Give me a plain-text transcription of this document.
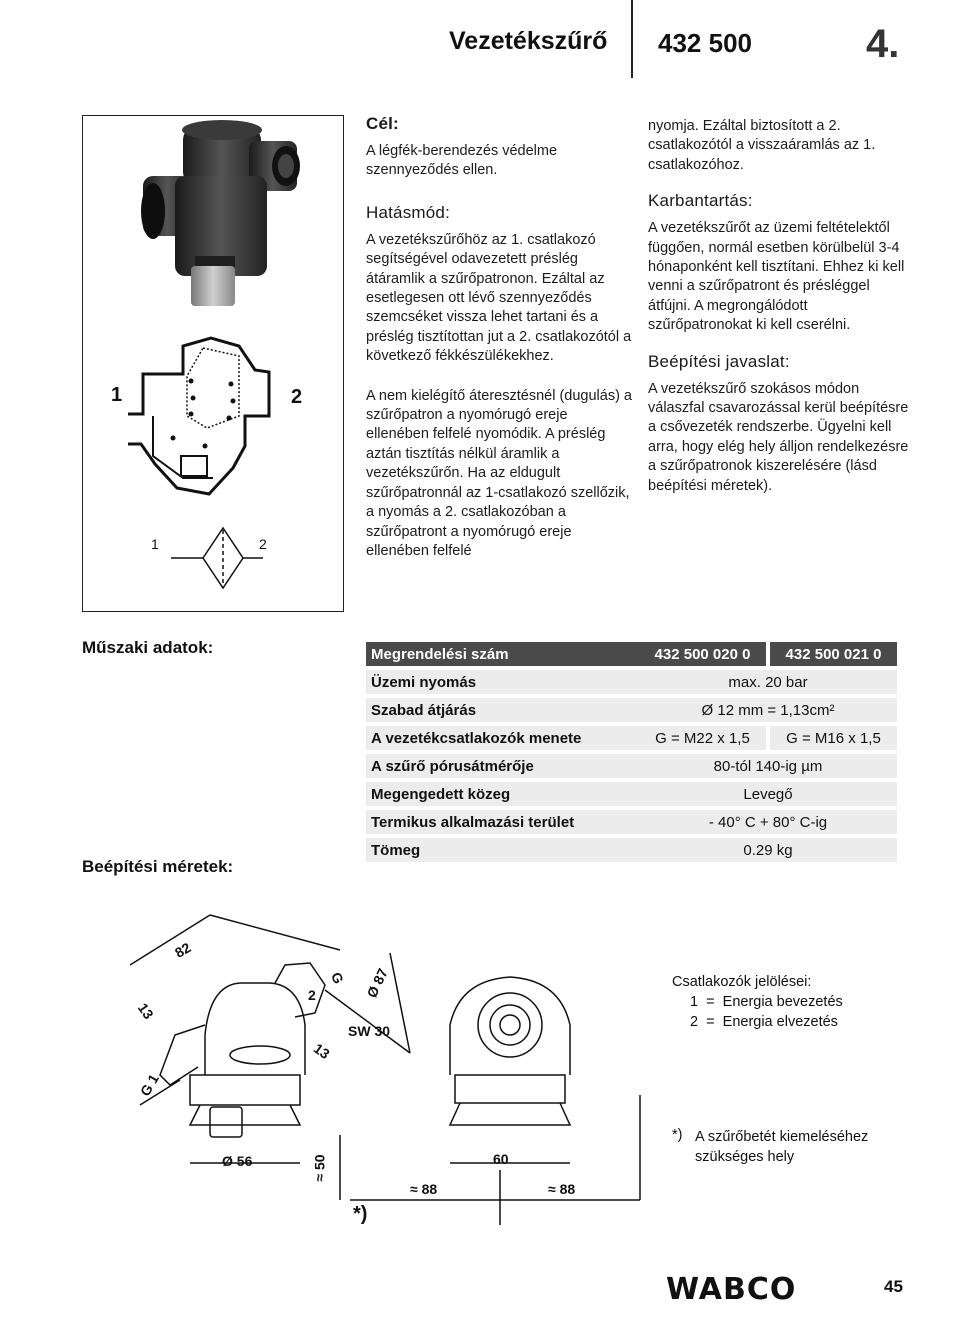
Vezetékszűrő 432 500	4.
1	2
1	2

Cél:

A légfék-berendezés védelme szennyeződés ellen.

Hatásmód:

A vezetékszűrőhöz az 1. csatlakozó segítségével odavezetett préslég átáramlik a szűrőpatronon. Ezáltal az esetlegesen ott lévő szennyeződés szemcséket vissza lehet tartani és a préslég tisztítottan jut a 2. csatlakozótól a következő fékkészülékekhez.

A nem kielégítő áteresztésnél (dugulás) a szűrőpatron a nyomórugó ereje ellenében felfelé nyomódik. A préslég aztán tisztítás nélkül áramlik a vezetékszűrőn. Ha az eldugult szűrőpatronnál az 1-csatlakozó szellőzik, a nyomás a 2. csatlakozóban a szűrőpatront a nyomórugó ereje ellenében felfelé

nyomja. Ezáltal biztosított a 2. csatlakozótól a visszaáramlás az 1. csatlakozóhoz.

Karbantartás:

A vezetékszűrőt az üzemi feltételektől függően, normál esetben körülbelül 3-4 hónaponként kell tisztítani. Ehhez ki kell venni a szűrőpatront és présléggel átfújni. A megrongálódott szűrőpatronokat ki kell cserélni.

Beépítési javaslat:

A vezetékszűrő szokásos módon válaszfal csavarozással kerül beépítésre a csővezeték rendszerbe. Ügyelni kell arra, hogy elég hely álljon rendelkezésre a szűrőpatronok kiszerelésére (lásd beépítési méretek).

Műszaki adatok:
Beépítési méretek:
Megrendelési szám		432 500 020 0	432 500 021 0
Üzemi nyomás		max. 20 bar	
Szabad átjárás		Ø 12 mm = 1,13cm²	
A vezetékcsatlakozók menete		G = M22 x 1,5	G = M16 x 1,5
A szűrő pórusátmérője		80-tól 140-ig µm	
Megengedett közeg		Levegő	
Termikus alkalmazási terület		- 40° C + 80° C-ig	
Tömeg		0.29 kg	
82
13
G 1
G
2
SW 30
13
Ø 87
Ø 56	≈ 50	60
≈ 88	≈ 88
*)
Csatlakozók jelölései:
1  =  Energia bevezetés
2  =  Energia elvezetés
*) A szűrőbetét kiemeléséhez szükséges hely
WABCO	45
